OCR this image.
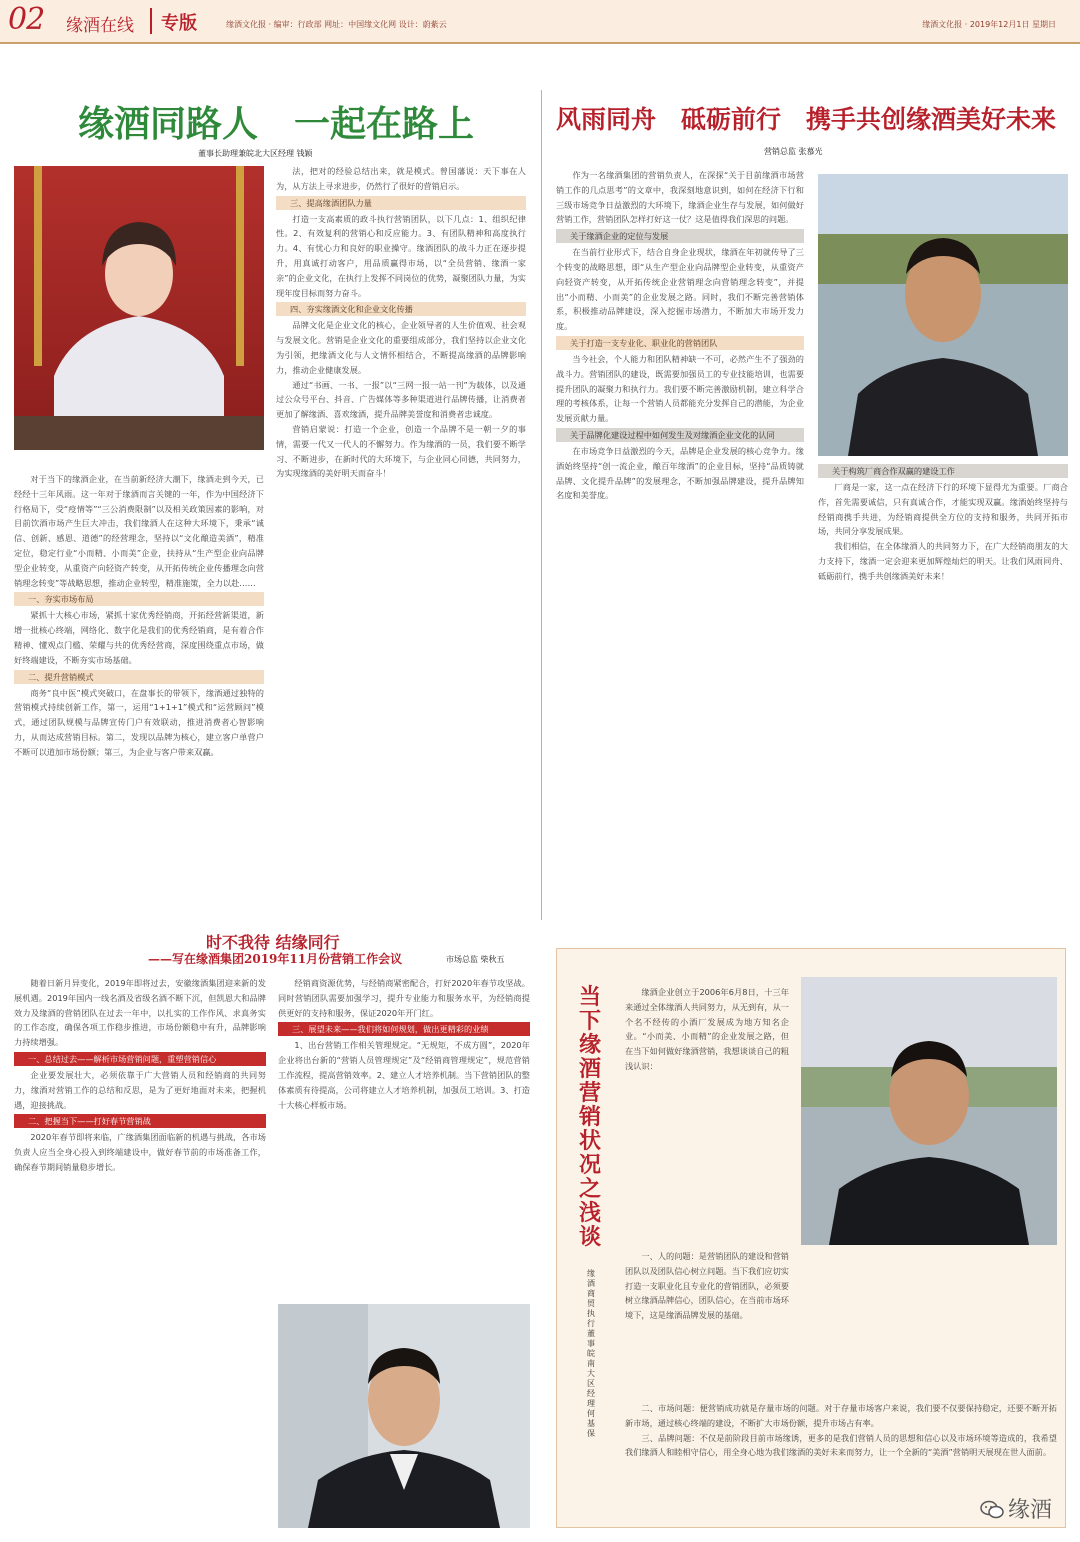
02 缘酒在线 专版	缘酒文化报 · 编审：行政部 网址：中国缘文化网 设计：蔚紫云	缘酒文化报 · 2019年12月1日 星期日
缘酒同路人　一起在路上
董事长助理兼皖北大区经理 钱颖

对于当下的缘酒企业，在当前新经济大潮下，缘酒走到今天，已经经十三年风雨。这一年对于缘酒而言关键的一年，作为中国经济下行格局下，受“疫情等”“三公消费限制”以及相关政策因素的影响，对目前饮酒市场产生巨大冲击，我们缘酒人在这种大环境下，秉承“诚信、创新、感恩、道德”的经营理念，坚持以“文化酿造美酒”，精准定位，稳定行业“小而精、小而美”企业，扶持从“生产型企业向品牌型企业转变，从重资产向轻资产转变，从开拓传统企业传播理念向营销理念转变”等战略思想，推动企业转型，精准施策，全力以赴……

一、夯实市场布局

紧抓十大核心市场，紧抓十家优秀经销商，开拓经营新渠道，新增一批核心终端，网络化、数字化是我们的优秀经销商，是有着合作精神、懂观点门槛、荣耀与共的优秀经营商，深度围绕重点市场，做好终端建设，不断夯实市场基础。

二、提升营销模式

商务“良中医”模式突破口，在盘事长的带领下，缘酒通过独特的营销模式持续创新工作，第一，运用“1+1+1”模式和“运营顾问”模式，通过团队规模与品牌宣传门户有效联动，推进消费者心智影响力，从而达成营销目标。第二，发现以品牌为核心，建立客户单营户不断可以道加市场份额；第三，为企业与客户带来双赢。

法，把对的经验总结出来，就是模式。曾国藩说：天下事在人为，从方法上寻求进步，仍然行了很好的营销启示。

三、提高缘酒团队力量

打造一支高素质的政斗执行营销团队，以下几点：1、组织纪律性。2、有效复利的营销心和反应能力。3、有团队精神和高度执行力。4、有忧心力和良好的职业操守。缘酒团队的战斗力正在逐步提升，用真诚打动客户，用品质赢得市场，以“全员营销、缘酒一家亲”的企业文化，在执行上发挥不同岗位的优势，凝聚团队力量，为实现年度目标而努力奋斗。

四、夯实缘酒文化和企业文化传播

品牌文化是企业文化的核心，企业领导者的人生价值观、社会观与发展文化。营销是企业文化的重要组成部分，我们坚持以企业文化为引领，把缘酒文化与人文情怀相结合，不断提高缘酒的品牌影响力，推动企业健康发展。

通过“书画、一书、一报”以“三网一报一站一刊”为载体，以及通过公众号平台、抖音、广告媒体等多种渠道进行品牌传播，让消费者更加了解缘酒、喜欢缘酒，提升品牌美誉度和消费者忠诚度。

营销启蒙说：打造一个企业，创造一个品牌不是一朝一夕的事情，需要一代又一代人的不懈努力。作为缘酒的一员，我们要不断学习、不断进步，在新时代的大环境下，与企业同心同德，共同努力，为实现缘酒的美好明天而奋斗！

风雨同舟　砥砺前行　携手共创缘酒美好未来
营销总监 张慕光

作为一名缘酒集团的营销负责人，在深探“关于目前缘酒市场营销工作的几点思考”的文章中，我深刻地意识到，如何在经济下行和三级市场竞争日益激烈的大环境下，缘酒企业生存与发展，如何做好营销工作，营销团队怎样打好这一仗？这是值得我们深思的问题。

关于缘酒企业的定位与发展

在当前行业形式下，结合自身企业现状，缘酒在年初就传导了三个转变的战略思想，即“从生产型企业向品牌型企业转变，从重资产向轻资产转变，从开拓传统企业营销理念向营销理念转变”，并提出“小而精、小而美”的企业发展之路。同时，我们不断完善营销体系，积极推动品牌建设，深入挖掘市场潜力，不断加大市场开发力度。

关于打造一支专业化、职业化的营销团队

当今社会，个人能力和团队精神缺一不可，必然产生不了强劲的战斗力。营销团队的建设，既需要加强员工的专业技能培训，也需要提升团队的凝聚力和执行力。我们要不断完善激励机制，建立科学合理的考核体系，让每一个营销人员都能充分发挥自己的潜能，为企业发展贡献力量。

关于品牌化建设过程中如何发生及对缘酒企业文化的认同

在市场竞争日益激烈的今天，品牌是企业发展的核心竞争力。缘酒始终坚持“创一流企业，酿百年缘酒”的企业目标，坚持“品质铸就品牌、文化提升品牌”的发展理念，不断加强品牌建设，提升品牌知名度和美誉度。

关于构筑厂商合作双赢的建设工作

厂商是一家，这一点在经济下行的环境下显得尤为重要。厂商合作，首先需要诚信，只有真诚合作，才能实现双赢。缘酒始终坚持与经销商携手共进，为经销商提供全方位的支持和服务，共同开拓市场，共同分享发展成果。

我们相信，在全体缘酒人的共同努力下，在广大经销商朋友的大力支持下，缘酒一定会迎来更加辉煌灿烂的明天。让我们风雨同舟、砥砺前行，携手共创缘酒美好未来！

时不我待 结缘同行
——写在缘酒集团2019年11月份营销工作会议	市场总监 柴秋五

随着日新月异变化，2019年即将过去，安徽缘酒集团迎来新的发展机遇。2019年国内一线名酒及省级名酒不断下沉，但凯恩大和品牌效力及缘酒的营销团队在过去一年中，以扎实的工作作风、求真务实的工作态度，确保各项工作稳步推进，市场份额稳中有升，品牌影响力持续增强。

一、总结过去——解析市场营销问题，重塑营销信心

企业要发展壮大，必须依靠于广大营销人员和经销商的共同努力，缘酒对营销工作的总结和反思，是为了更好地面对未来，把握机遇，迎接挑战。

二、把握当下——打好春节营销战

2020年春节即将来临，广缘酒集团面临新的机遇与挑战，各市场负责人应当全身心投入到终端建设中，做好春节前的市场准备工作，确保春节期间销量稳步增长。

经销商资源优势，与经销商紧密配合，打好2020年春节攻坚战。同时营销团队需要加强学习，提升专业能力和服务水平，为经销商提供更好的支持和服务，保证2020年开门红。

三、展望未来——我们将如何规划，做出更精彩的业绩

1、出台营销工作相关管理规定。“无规矩，不成方圆”，2020年企业将出台新的“营销人员管理规定”及“经销商管理规定”，规范营销工作流程，提高营销效率。2、建立人才培养机制。当下营销团队的整体素质有待提高，公司将建立人才培养机制，加强员工培训。3、打造十大核心样板市场。

当下缘酒营销状况之浅谈
缘酒商贸执行董事　皖南大区经理　何基保

缘酒企业创立于2006年6月8日，十三年来通过全体缘酒人共同努力，从无到有，从一个名不经传的小酒厂发展成为地方知名企业。“小而美、小而精”的企业发展之路，但在当下如何做好缘酒营销，我想谈谈自己的粗浅认识：

一、人的问题：是营销团队的建设和营销团队以及团队信心树立问题。当下我们应切实打造一支职业化且专业化的营销团队，必须要树立缘酒品牌信心，团队信心，在当前市场环境下，这是缘酒品牌发展的基础。

二、市场问题：便营销成功就是存量市场的问题。对于存量市场客户来说，我们要不仅要保持稳定，还要不断开拓新市场，通过核心终端的建设，不断扩大市场份额，提升市场占有率。

三、品牌问题：不仅是前阶段目前市场缘诱，更多的是我们营销人员的思想和信心以及市场环境等造成的，我希望我们缘酒人和睦相守信心，用全身心地为我们缘酒的美好未来而努力，让一个全新的“美酒”营销明天展现在世人面前。

缘酒
